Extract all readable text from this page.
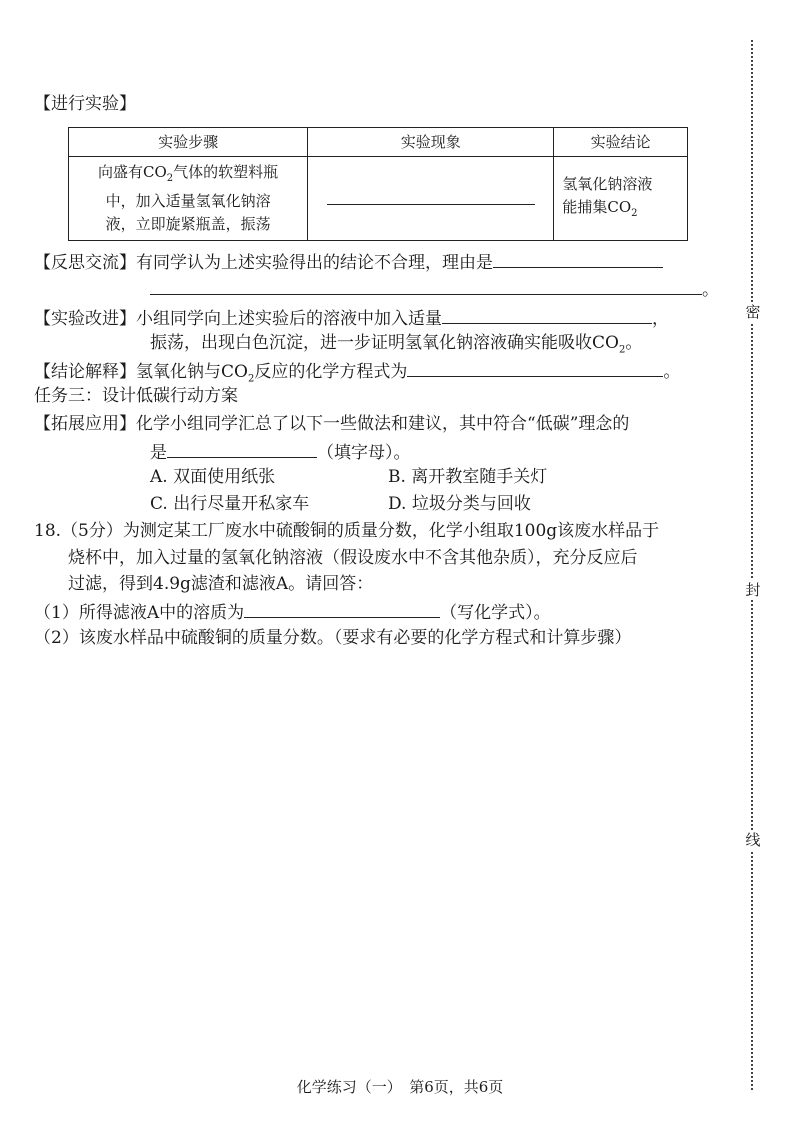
【进行实验】
实验步骤	实验现象	实验结论
向盛有$CO_2$气体的软塑料瓶
中，加入适量氢氧化钠溶
液，立即旋紧瓶盖，振荡		氢氧化钠溶液
能捕集$CO_2$
【反思交流】有同学认为上述实验得出的结论不合理，理由是
。
【实验改进】小组同学向上述实验后的溶液中加入适量	，
振荡，出现白色沉淀，进一步证明氢氧化钠溶液确实能吸收$CO_2$。
【结论解释】氢氧化钠与$CO_2$反应的化学方程式为	。
任务三：设计低碳行动方案
【拓展应用】化学小组同学汇总了以下一些做法和建议，其中符合“低碳”理念的
是	（填字母）。
A. 双面使用纸张	B. 离开教室随手关灯
C. 出行尽量开私家车	D. 垃圾分类与回收
18.（5分）为测定某工厂废水中硫酸铜的质量分数，化学小组取100g该废水样品于
烧杯中，加入过量的氢氧化钠溶液（假设废水中不含其他杂质），充分反应后
过滤，得到4.9g滤渣和滤液A。请回答：
（1）所得滤液A中的溶质为	（写化学式）。
（2）该废水样品中硫酸铜的质量分数。（要求有必要的化学方程式和计算步骤）
密
封
线
化学练习（一）　第6页，共6页
